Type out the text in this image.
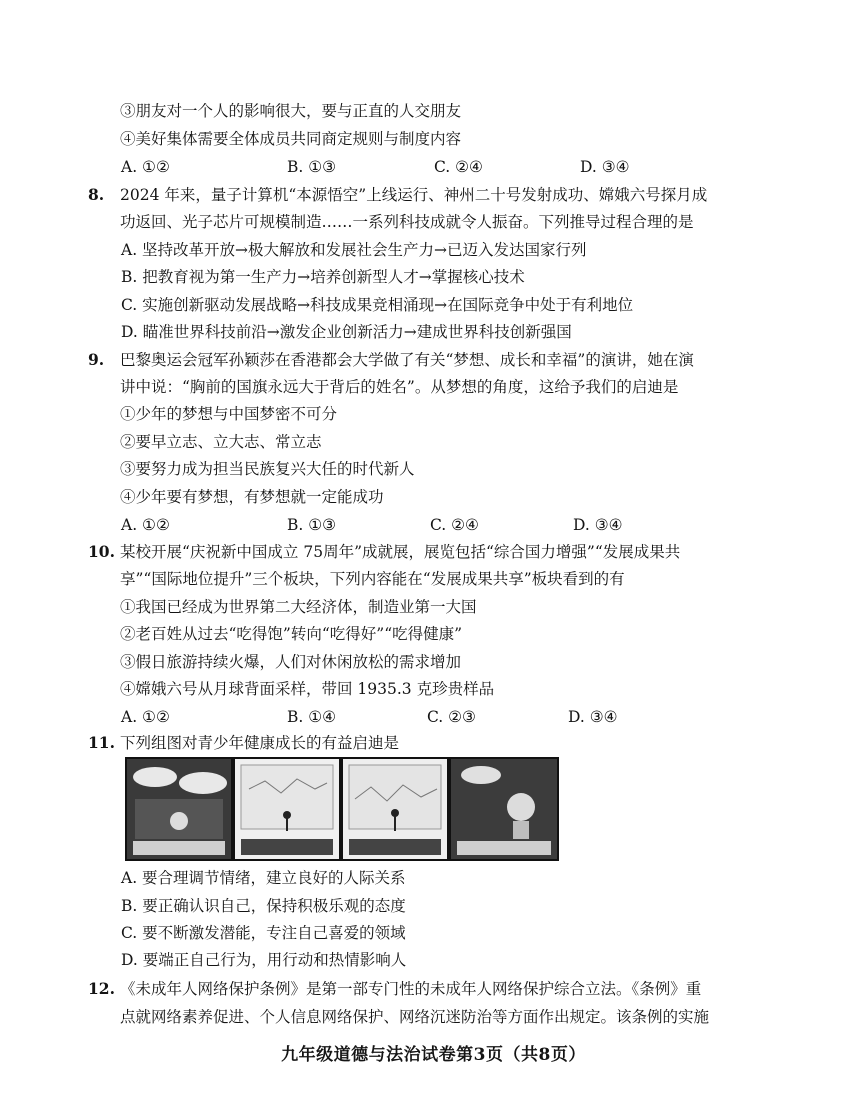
③朋友对一个人的影响很大，要与正直的人交朋友
④美好集体需要全体成员共同商定规则与制度内容
A. ①②	B. ①③	C. ②④	D. ③④
8. 2024 年来，量子计算机“本源悟空”上线运行、神州二十号发射成功、嫦娥六号探月成
功返回、光子芯片可规模制造……一系列科技成就令人振奋。下列推导过程合理的是
A. 坚持改革开放→极大解放和发展社会生产力→已迈入发达国家行列
B. 把教育视为第一生产力→培养创新型人才→掌握核心技术
C. 实施创新驱动发展战略→科技成果竞相涌现→在国际竞争中处于有利地位
D. 瞄准世界科技前沿→激发企业创新活力→建成世界科技创新强国
9. 巴黎奥运会冠军孙颖莎在香港都会大学做了有关“梦想、成长和幸福”的演讲，她在演
讲中说：“胸前的国旗永远大于背后的姓名”。从梦想的角度，这给予我们的启迪是
①少年的梦想与中国梦密不可分
②要早立志、立大志、常立志
③要努力成为担当民族复兴大任的时代新人
④少年要有梦想，有梦想就一定能成功
A. ①②	B. ①③	C. ②④	D. ③④
10. 某校开展“庆祝新中国成立 75周年”成就展，展览包括“综合国力增强”“发展成果共
享”“国际地位提升”三个板块，下列内容能在“发展成果共享”板块看到的有
①我国已经成为世界第二大经济体，制造业第一大国
②老百姓从过去“吃得饱”转向“吃得好”“吃得健康”
③假日旅游持续火爆，人们对休闲放松的需求增加
④嫦娥六号从月球背面采样，带回 1935.3 克珍贵样品
A. ①②	B. ①④	C. ②③	D. ③④
11. 下列组图对青少年健康成长的有益启迪是
A. 要合理调节情绪，建立良好的人际关系
B. 要正确认识自己，保持积极乐观的态度
C. 要不断激发潜能，专注自己喜爱的领域
D. 要端正自己行为，用行动和热情影响人
12. 《未成年人网络保护条例》是第一部专门性的未成年人网络保护综合立法。《条例》重
点就网络素养促进、个人信息网络保护、网络沉迷防治等方面作出规定。该条例的实施
九年级道德与法治试卷第3页（共8页）
